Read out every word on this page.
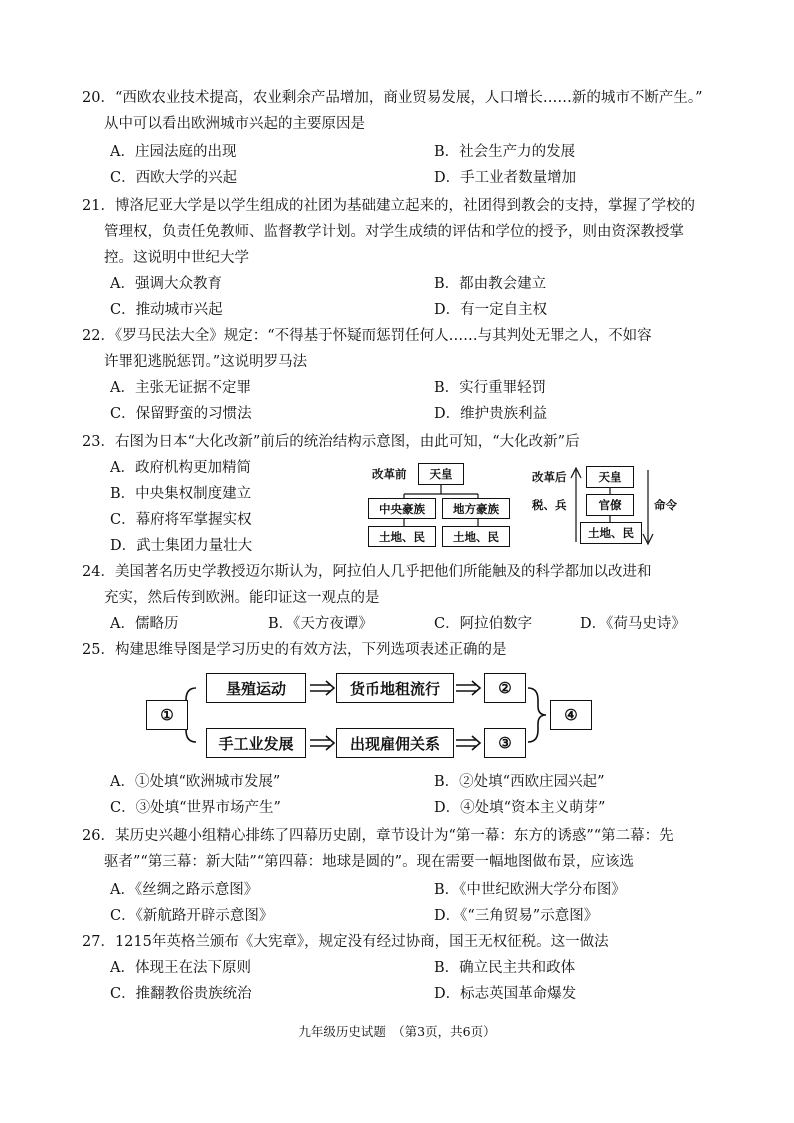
20．“西欧农业技术提高，农业剩余产品增加，商业贸易发展，人口增长……新的城市不断产生。”
从中可以看出欧洲城市兴起的主要原因是
A．庄园法庭的出现	B．社会生产力的发展
C．西欧大学的兴起	D．手工业者数量增加
21．博洛尼亚大学是以学生组成的社团为基础建立起来的，社团得到教会的支持，掌握了学校的
管理权，负责任免教师、监督教学计划。对学生成绩的评估和学位的授予，则由资深教授掌
控。这说明中世纪大学
A．强调大众教育	B．都由教会建立
C．推动城市兴起	D．有一定自主权
22．《罗马民法大全》规定：“不得基于怀疑而惩罚任何人……与其判处无罪之人，不如容
许罪犯逃脱惩罚。”这说明罗马法
A．主张无证据不定罪	B．实行重罪轻罚
C．保留野蛮的习惯法	D．维护贵族利益
23．右图为日本“大化改新”前后的统治结构示意图，由此可知，“大化改新”后
A．政府机构更加精简
B．中央集权制度建立
C．幕府将军掌握实权
D．武士集团力量壮大
改革前	天皇
中央豪族	地方豪族
土地、民	土地、民
改革后
税、兵
天皇
官僚
土地、民
命令
24．美国著名历史学教授迈尔斯认为，阿拉伯人几乎把他们所能触及的科学都加以改进和
充实，然后传到欧洲。能印证这一观点的是
A．儒略历	B．《天方夜谭》	C．阿拉伯数字	D．《荷马史诗》
25．构建思维导图是学习历史的有效方法，下列选项表述正确的是
①
垦殖运动	货币地租流行	②
手工业发展	出现雇佣关系	③
④
A．①处填“欧洲城市发展”	B．②处填“西欧庄园兴起”
C．③处填“世界市场产生”	D．④处填“资本主义萌芽”
26．某历史兴趣小组精心排练了四幕历史剧，章节设计为“第一幕：东方的诱惑”“第二幕：先
驱者”“第三幕：新大陆”“第四幕：地球是圆的”。现在需要一幅地图做布景，应该选
A．《丝绸之路示意图》	B．《中世纪欧洲大学分布图》
C．《新航路开辟示意图》	D．《“三角贸易”示意图》
27．1215年英格兰颁布《大宪章》，规定没有经过协商，国王无权征税。这一做法
A．体现王在法下原则	B．确立民主共和政体
C．推翻教俗贵族统治	D．标志英国革命爆发
九年级历史试题　（第3页，共6页）
